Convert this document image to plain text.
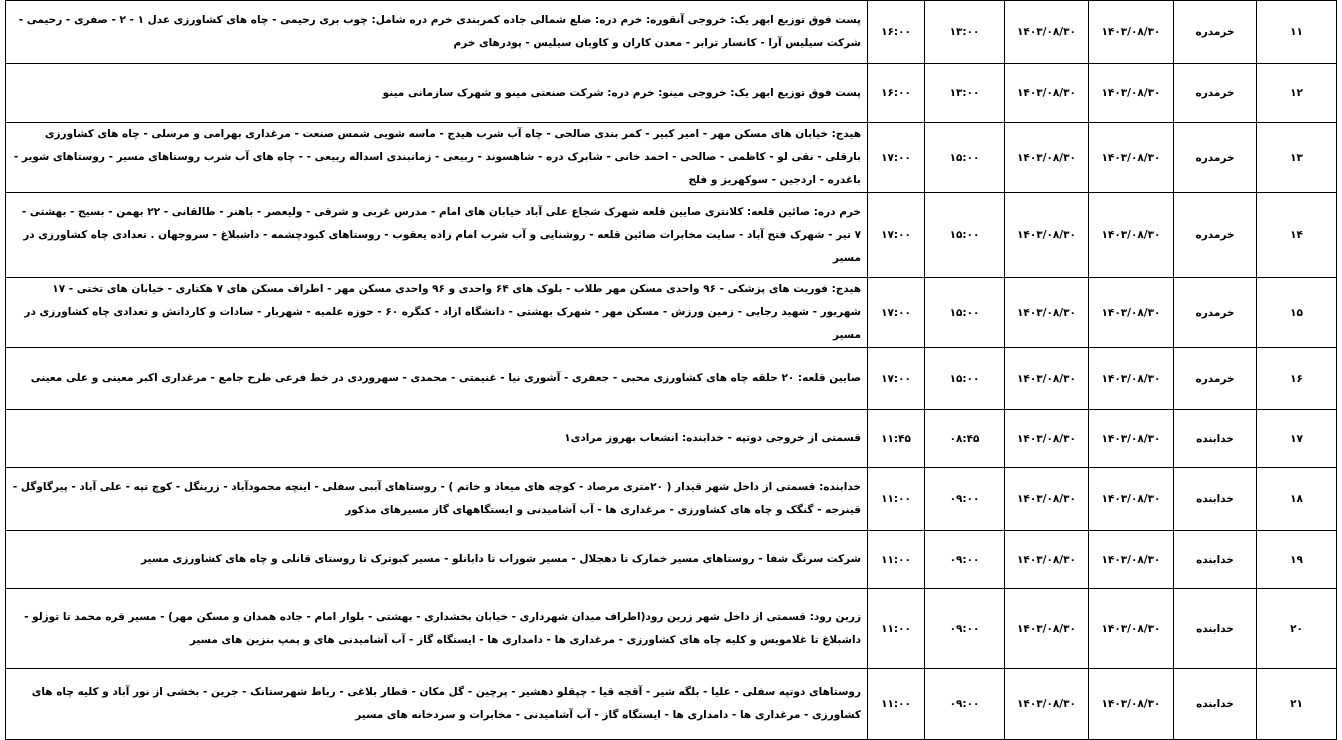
۱۱	خرمدره	۱۴۰۳/۰۸/۳۰	۱۴۰۳/۰۸/۳۰	۱۳:۰۰	۱۶:۰۰	پست فوق توزیع ابهر یک: خروجی آنقوره: خرم دره: ضلع شمالی جاده کمربندی خرم دره شامل: چوب بری رحیمی - چاه های کشاورزی عدل ۱ - ۲ - صفری - رحیمی - شرکت سیلیس آرا - کانسار ترابر - معدن کاران و کاوبان سیلیس - پودرهای خرم
۱۲	خرمدره	۱۴۰۳/۰۸/۳۰	۱۴۰۳/۰۸/۳۰	۱۳:۰۰	۱۶:۰۰	پست فوق توزیع ابهر یک: خروجی مینو: خرم دره: شرکت صنعتی مینو و شهرک سازمانی مینو
۱۳	خرمدره	۱۴۰۳/۰۸/۳۰	۱۴۰۳/۰۸/۳۰	۱۵:۰۰	۱۷:۰۰	هیدج: خیابان های مسکن مهر - امیر کبیر - کمر بندی صالحی - چاه آب شرب هیدج - ماسه شویی شمس صنعت - مرغداری بهرامی و مرسلی - چاه های کشاورزی بارقلی - نقی لو - کاظمی - صالحی - احمد خانی - شابرک دره - شاهسوند - ربیعی - زمانبندی اسداله ربیعی - - چاه های آب شرب روستاهای مسیر - روستاهای شویر - باغدره - اردجین - سوکهریز و فلج
۱۴	خرمدره	۱۴۰۳/۰۸/۳۰	۱۴۰۳/۰۸/۳۰	۱۵:۰۰	۱۷:۰۰	خرم دره: صائین قلعه: کلانتری صایین قلعه شهرک شجاع علی آباد خیابان های امام - مدرس غربی و شرقی - ولیعصر - باهنر - طالقانی - ۲۲ بهمن - بسیج - بهشتی - ۷ تیر - شهرک فتح آباد - سایت مخابرات صائین قلعه - روشنایی و آب شرب امام زاده یعقوب - روستاهای کبودچشمه - داشبلاغ - سروجهان . تعدادی چاه کشاورزی در مسیر
۱۵	خرمدره	۱۴۰۳/۰۸/۳۰	۱۴۰۳/۰۸/۳۰	۱۵:۰۰	۱۷:۰۰	هیدج: فوریت های پزشکی - ۹۶ واحدی مسکن مهر طلاب - بلوک های ۶۴ واحدی و ۹۶ واحدی مسکن مهر - اطراف مسکن های ۷ هکتاری - خیابان های تختی - ۱۷ شهریور - شهید رجایی - زمین ورزش - مسکن مهر - شهرک بهشتی - دانشگاه ازاد - کنگره ۶۰ - حوزه علمیه - شهربار - سادات و کاردانش و تعدادی چاه کشاورزی در مسیر
۱۶	خرمدره	۱۴۰۳/۰۸/۳۰	۱۴۰۳/۰۸/۳۰	۱۵:۰۰	۱۷:۰۰	صایین قلعه: ۲۰ حلقه چاه های کشاورزی محبی - جعفری - آشوری نیا - غنیمتی - محمدی - سهروردی در خط فرعی طرح جامع - مرغداری اکبر معینی و علی معینی
۱۷	خدابنده	۱۴۰۳/۰۸/۳۰	۱۴۰۳/۰۸/۳۰	۰۸:۴۵	۱۱:۴۵	قسمتی از خروجی دوتپه - خدابنده: انشعاب بهروز مرادی۱
۱۸	خدابنده	۱۴۰۳/۰۸/۳۰	۱۴۰۳/۰۸/۳۰	۰۹:۰۰	۱۱:۰۰	خدابنده: قسمتی از داخل شهر قیدار ( ۲۰متری مرصاد - کوچه های میعاد و خاتم ) - روستاهای آببی سفلی - اینچه محمودآباد - زرینگل - کوچ تپه - علی آباد - پیرگاوگل - قینرجه - گنگک و چاه های کشاورزی - مرغداری ها - آب آشامیدنی و ایستگاههای گاز مسیرهای مذکور
۱۹	خدابنده	۱۴۰۳/۰۸/۳۰	۱۴۰۳/۰۸/۳۰	۰۹:۰۰	۱۱:۰۰	شرکت سرنگ شفا - روستاهای مسیر خمارک تا دهجلال - مسیر شوراب تا دابانلو - مسیر کبوترک تا روستای قانلی و چاه های کشاورزی مسیر
۲۰	خدابنده	۱۴۰۳/۰۸/۳۰	۱۴۰۳/۰۸/۳۰	۰۹:۰۰	۱۱:۰۰	زرین رود: قسمتی از داخل شهر زرین رود(اطراف میدان شهرداری - خیابان بخشداری - بهشتی - بلوار امام - جاده همدان و مسکن مهر) - مسیر قره محمد تا توزلو - داشبلاغ تا غلامویس و کلیه چاه های کشاورزی - مرغداری ها - دامداری ها - ایستگاه گاز - آب آشامیدنی های و پمپ بنزین های مسیر
۲۱	خدابنده	۱۴۰۳/۰۸/۳۰	۱۴۰۳/۰۸/۳۰	۰۹:۰۰	۱۱:۰۰	روستاهای دوتپه سفلی - علیا - بلگه شیر - آقجه قیا - چپقلو دهشیر - پرچین - گل مکان - قطار بلاغی - رباط شهرستانک - جرین - بخشی از نور آباد و کلیه چاه های کشاورزی - مرغداری ها - دامداری ها - ایستگاه گاز - آب آشامیدنی - مخابرات و سردخانه های مسیر
